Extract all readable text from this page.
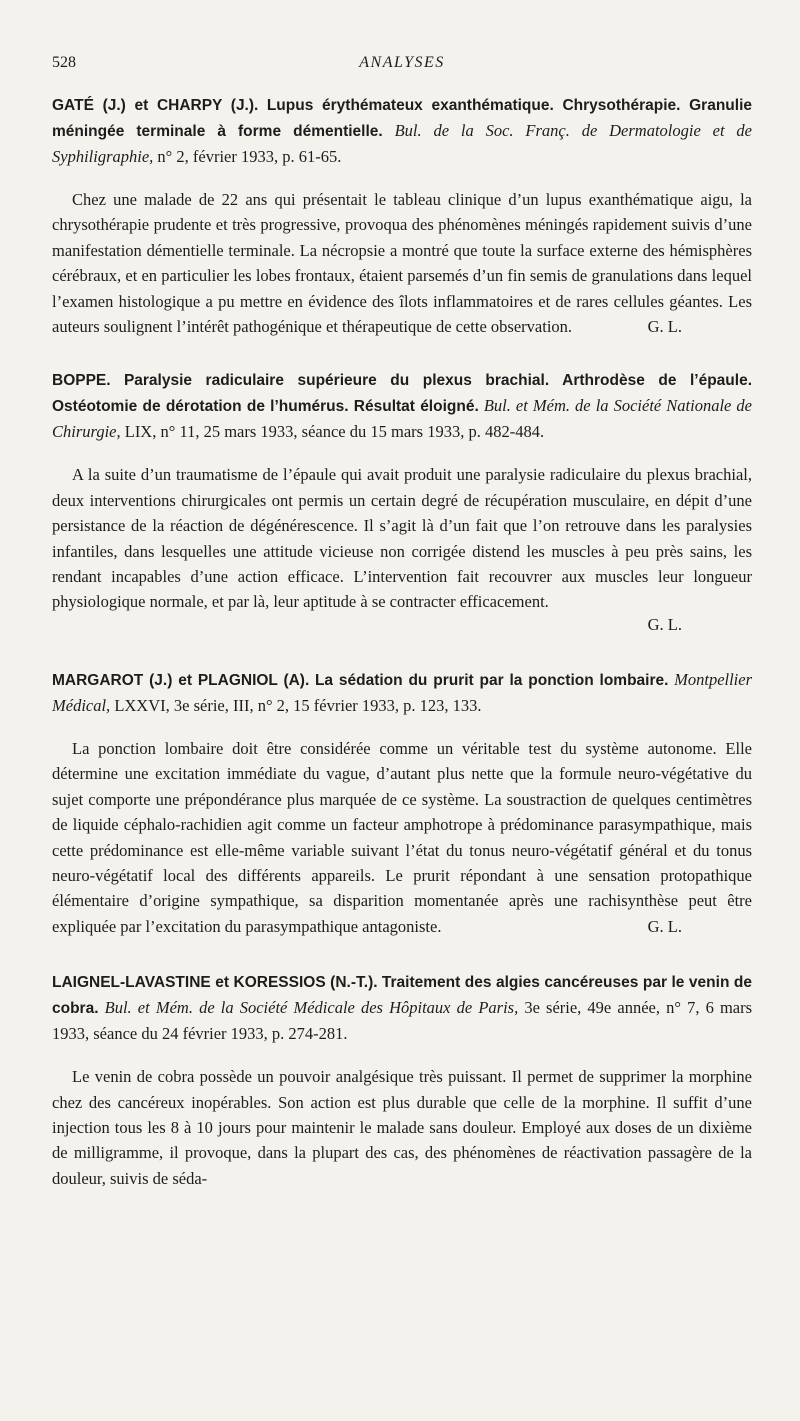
528	ANALYSES

GATÉ (J.) et CHARPY (J.). Lupus érythémateux exanthématique. Chrysothérapie. Granulie méningée terminale à forme démentielle. Bul. de la Soc. Franç. de Dermatologie et de Syphiligraphie, n° 2, février 1933, p. 61-65.

Chez une malade de 22 ans qui présentait le tableau clinique d’un lupus exanthématique aigu, la chrysothérapie prudente et très progressive, provoqua des phénomènes méningés rapidement suivis d’une manifestation démentielle terminale. La nécropsie a montré que toute la surface externe des hémisphères cérébraux, et en particulier les lobes frontaux, étaient parsemés d’un fin semis de granulations dans lequel l’examen histologique a pu mettre en évidence des îlots inflammatoires et de rares cellules géantes. Les auteurs soulignent l’intérêt pathogénique et thérapeutique de cette observation.	G. L.

BOPPE. Paralysie radiculaire supérieure du plexus brachial. Arthrodèse de l’épaule. Ostéotomie de dérotation de l’humérus. Résultat éloigné. Bul. et Mém. de la Société Nationale de Chirurgie, LIX, n° 11, 25 mars 1933, séance du 15 mars 1933, p. 482-484.

A la suite d’un traumatisme de l’épaule qui avait produit une paralysie radiculaire du plexus brachial, deux interventions chirurgicales ont permis un certain degré de récupération musculaire, en dépit d’une persistance de la réaction de dégénérescence. Il s’agit là d’un fait que l’on retrouve dans les paralysies infantiles, dans lesquelles une attitude vicieuse non corrigée distend les muscles à peu près sains, les rendant incapables d’une action efficace. L’intervention fait recouvrer aux muscles leur longueur physiologique normale, et par là, leur aptitude à se contracter efficacement.

G. L.

MARGAROT (J.) et PLAGNIOL (A). La sédation du prurit par la ponction lombaire. Montpellier Médical, LXXVI, 3e série, III, n° 2, 15 février 1933, p. 123, 133.

La ponction lombaire doit être considérée comme un véritable test du système autonome. Elle détermine une excitation immédiate du vague, d’autant plus nette que la formule neuro-végétative du sujet comporte une prépondérance plus marquée de ce système. La soustraction de quelques centimètres de liquide céphalo-rachidien agit comme un facteur amphotrope à prédominance parasympathique, mais cette prédominance est elle-même variable suivant l’état du tonus neuro-végétatif général et du tonus neuro-végétatif local des différents appareils. Le prurit répondant à une sensation protopathique élémentaire d’origine sympathique, sa disparition momentanée après une rachisynthèse peut être expliquée par l’excitation du parasympathique antagoniste.	G. L.

LAIGNEL-LAVASTINE et KORESSIOS (N.-T.). Traitement des algies cancéreuses par le venin de cobra. Bul. et Mém. de la Société Médicale des Hôpitaux de Paris, 3e série, 49e année, n° 7, 6 mars 1933, séance du 24 février 1933, p. 274-281.

Le venin de cobra possède un pouvoir analgésique très puissant. Il permet de supprimer la morphine chez des cancéreux inopérables. Son action est plus durable que celle de la morphine. Il suffit d’une injection tous les 8 à 10 jours pour maintenir le malade sans douleur. Employé aux doses de un dixième de milligramme, il provoque, dans la plupart des cas, des phénomènes de réactivation passagère de la douleur, suivis de séda-
